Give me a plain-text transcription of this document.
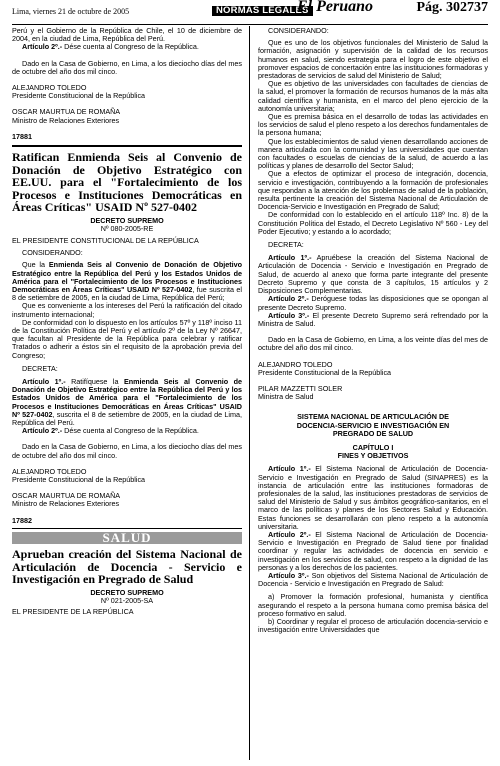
Lima, viernes 21 de octubre de 2005	NORMAS LEGALES
El Peruano	Pág. 302737

Perú y el Gobierno de la República de Chile, el 10 de diciembre de 2004, en la ciudad de Lima, República del Perú.

Artículo 2º.- Dése cuenta al Congreso de la República.

Dado en la Casa de Gobierno, en Lima, a los dieciocho días del mes de octubre del año dos mil cinco.

ALEJANDRO TOLEDO

Presidente Constitucional de la República

OSCAR MAURTUA DE ROMAÑA

Ministro de Relaciones Exteriores

17881

Ratifican Enmienda Seis al Convenio de Donación de Objetivo Estratégico con EE.UU. para el "Fortalecimiento de los Procesos e Instituciones Democráticas en Áreas Críticas" USAID Nº 527-0402

DECRETO SUPREMO

Nº 080-2005-RE

EL PRESIDENTE CONSTITUCIONAL DE LA REPÚBLICA

CONSIDERANDO:

Que la Enmienda Seis al Convenio de Donación de Objetivo Estratégico entre la República del Perú y los Estados Unidos de América para el "Fortalecimiento de los Procesos e Instituciones Democráticas en Áreas Críticas" USAID Nº 527-0402, fue suscrita el 8 de setiembre de 2005, en la ciudad de Lima, República del Perú;

Que es conveniente a los intereses del Perú la ratificación del citado instrumento internacional;

De conformidad con lo dispuesto en los artículos 57º y 118º inciso 11 de la Constitución Política del Perú y el artículo 2º de la Ley Nº 26647, que facultan al Presidente de la República para celebrar y ratificar Tratados o adherir a éstos sin el requisito de la aprobación previa del Congreso;

DECRETA:

Artículo 1º.- Ratifíquese la Enmienda Seis al Convenio de Donación de Objetivo Estratégico entre la República del Perú y los Estados Unidos de América para el "Fortalecimiento de los Procesos e Instituciones Democráticas en Áreas Críticas" USAID Nº 527-0402, suscrita el 8 de setiembre de 2005, en la ciudad de Lima, República del Perú.

Artículo 2º.- Dése cuenta al Congreso de la República.

Dado en la Casa de Gobierno, en Lima, a los dieciocho días del mes de octubre del año dos mil cinco.

ALEJANDRO TOLEDO

Presidente Constitucional de la República

OSCAR MAURTUA DE ROMAÑA

Ministro de Relaciones Exteriores

17882

SALUD

Aprueban creación del Sistema Nacional de Articulación de Docencia - Servicio e Investigación en Pregrado de Salud

DECRETO SUPREMO

Nº 021-2005-SA

EL PRESIDENTE DE LA REPÚBLICA

CONSIDERANDO:

Que es uno de los objetivos funcionales del Ministerio de Salud la formación, asignación y supervisión de la calidad de los recursos humanos en salud, siendo estrategia para el logro de este objetivo el promover espacios de concertación entre las instituciones formadoras y prestadoras de servicios de salud del Ministerio de Salud;

Que es objetivo de las universidades con facultades de ciencias de la salud, el promover la formación de recursos humanos de la más alta calidad científica y humanista, en el marco del pleno ejercicio de la autonomía universitaria;

Que es premisa básica en el desarrollo de todas las actividades en los servicios de salud el pleno respeto a los derechos fundamentales de la persona humana;

Que los establecimientos de salud vienen desarrollando acciones de manera articulada con la comunidad y las universidades que cuentan con facultades o escuelas de ciencias de la salud, de acuerdo a las políticas y planes de desarrollo del Sector Salud;

Que a efectos de optimizar el proceso de integración, docencia, servicio e investigación, contribuyendo a la formación de profesionales que respondan a la atención de los problemas de salud de la población, resulta pertinente la creación del Sistema Nacional de Articulación de Docencia-Servicio e Investigación en Pregrado de Salud;

De conformidad con lo establecido en el artículo 118º Inc. 8) de la Constitución Política del Estado, el Decreto Legislativo Nº 560 - Ley del Poder Ejecutivo; y estando a lo acordado;

DECRETA:

Artículo 1º.- Apruébese la creación del Sistema Nacional de Articulación de Docencia - Servicio e Investigación en Pregrado de Salud, de acuerdo al anexo que forma parte integrante del presente Decreto Supremo y que consta de 3 capítulos, 15 artículos y 2 Disposiciones Complementarias.

Artículo 2º.- Deróguese todas las disposiciones que se opongan al presente Decreto Supremo.

Artículo 3º.- El presente Decreto Supremo será refrendado por la Ministra de Salud.

Dado en la Casa de Gobierno, en Lima, a los veinte días del mes de octubre del año dos mil cinco.

ALEJANDRO TOLEDO

Presidente Constitucional de la República

PILAR MAZZETTI SOLER

Ministra de Salud

SISTEMA NACIONAL DE ARTICULACIÓN DE DOCENCIA-SERVICIO E INVESTIGACIÓN EN PREGRADO DE SALUD

CAPÍTULO I

FINES Y OBJETIVOS

Artículo 1º.- El Sistema Nacional de Articulación de Docencia-Servicio e Investigación en Pregrado de Salud (SINAPRES) es la instancia de articulación entre las instituciones formadoras de profesionales de la salud, las instituciones prestadoras de servicios de salud del Ministerio de Salud y sus ámbitos geográfico-sanitarios, en el marco de las políticas y planes de los Sectores Salud y Educación. Estas funciones se desarrollarán con pleno respeto a la autonomía universitaria.

Artículo 2º.- El Sistema Nacional de Articulación de Docencia-Servicio e Investigación en Pregrado de Salud tiene por finalidad coordinar y regular las actividades de docencia en servicio e investigación en los servicios de salud, con respeto a la dignidad de las personas y a los derechos de los pacientes.

Artículo 3º.- Son objetivos del Sistema Nacional de Articulación de Docencia - Servicio e Investigación en Pregrado de Salud:

a) Promover la formación profesional, humanista y científica asegurando el respeto a la persona humana como premisa básica del proceso formativo en salud.

b) Coordinar y regular el proceso de articulación docencia-servicio e investigación entre Universidades que
